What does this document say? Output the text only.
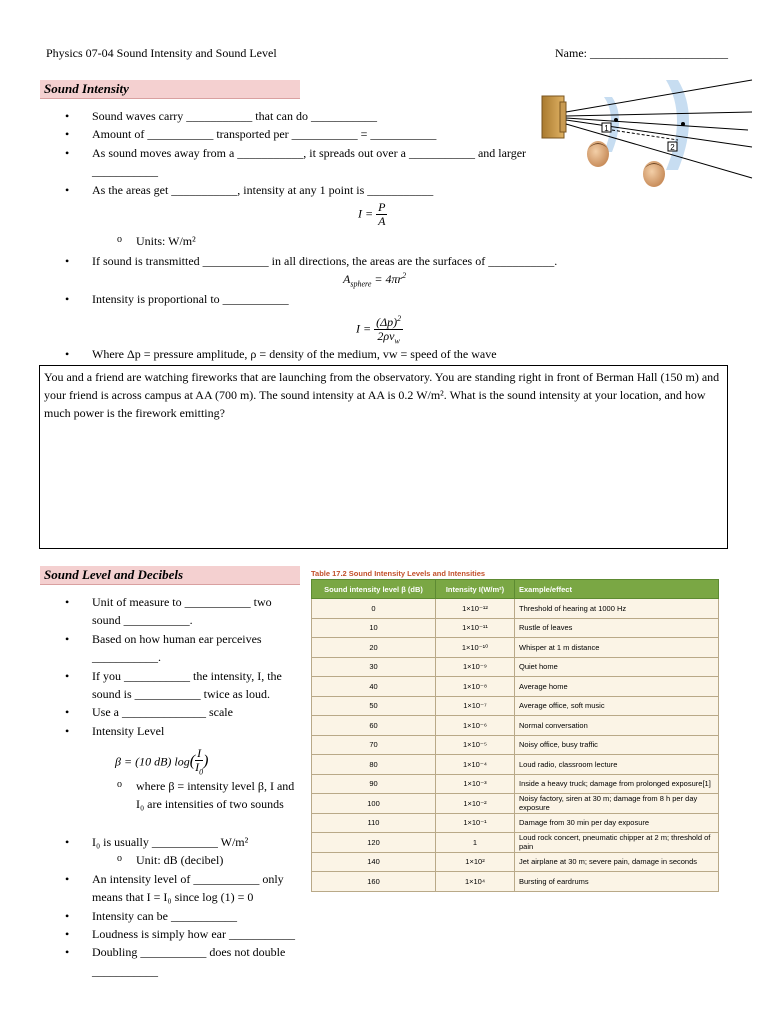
Physics 07-04 Sound Intensity and Sound Level	Name: _______________________
Sound Intensity
• Sound waves carry ___________ that can do ___________
• Amount of ___________ transported per ___________ = ___________
• As sound moves away from a ___________, it spreads out over a ___________ and larger ___________
• As the areas get ___________, intensity at any 1 point is ___________
$I = \frac{P}{A}$
o Units: W/m²
• If sound is transmitted ___________ in all directions, the areas are the surfaces of ___________.
$A_{sphere} = 4\pi r^2$
• Intensity is proportional to ___________
$I = \frac{(\Delta p)^2}{2\rho v_w}$
• Where Δp = pressure amplitude, ρ = density of the medium, vw = speed of the wave
1
2
You and a friend are watching fireworks that are launching from the observatory. You are standing right in front of Berman Hall (150 m) and your friend is across campus at AA (700 m). The sound intensity at AA is 0.2 W/m². What is the sound intensity at your location, and how much power is the firework emitting?
Sound Level and Decibels
• Unit of measure to ___________ two sound ___________.
• Based on how human ear perceives ___________.
• If you ___________ the intensity, I, the sound is ___________ twice as loud.
• Use a ______________ scale
• Intensity Level
β = (10 dB) $\log( \frac{I}{I_0}$ )
o where β = intensity level β, I and I₀ are intensities of two sounds
• I₀ is usually ___________ W/m²
o Unit: dB (decibel)
• An intensity level of ___________ only means that I = I₀ since log (1) = 0
• Intensity can be ___________
• Loudness is simply how ear ___________
• Doubling ___________ does not double ___________
Table 17.2 Sound Intensity Levels and Intensities
Sound intensity level β (dB)	Intensity I(W/m²)	Example/effect
0	1×10⁻¹²	Threshold of hearing at 1000 Hz
10	1×10⁻¹¹	Rustle of leaves
20	1×10⁻¹⁰	Whisper at 1 m distance
30	1×10⁻⁹	Quiet home
40	1×10⁻⁸	Average home
50	1×10⁻⁷	Average office, soft music
60	1×10⁻⁶	Normal conversation
70	1×10⁻⁵	Noisy office, busy traffic
80	1×10⁻⁴	Loud radio, classroom lecture
90	1×10⁻³	Inside a heavy truck; damage from prolonged exposure[1]
100	1×10⁻²	Noisy factory, siren at 30 m; damage from 8 h per day exposure
110	1×10⁻¹	Damage from 30 min per day exposure
120	1	Loud rock concert, pneumatic chipper at 2 m; threshold of pain
140	1×10²	Jet airplane at 30 m; severe pain, damage in seconds
160	1×10⁴	Bursting of eardrums
